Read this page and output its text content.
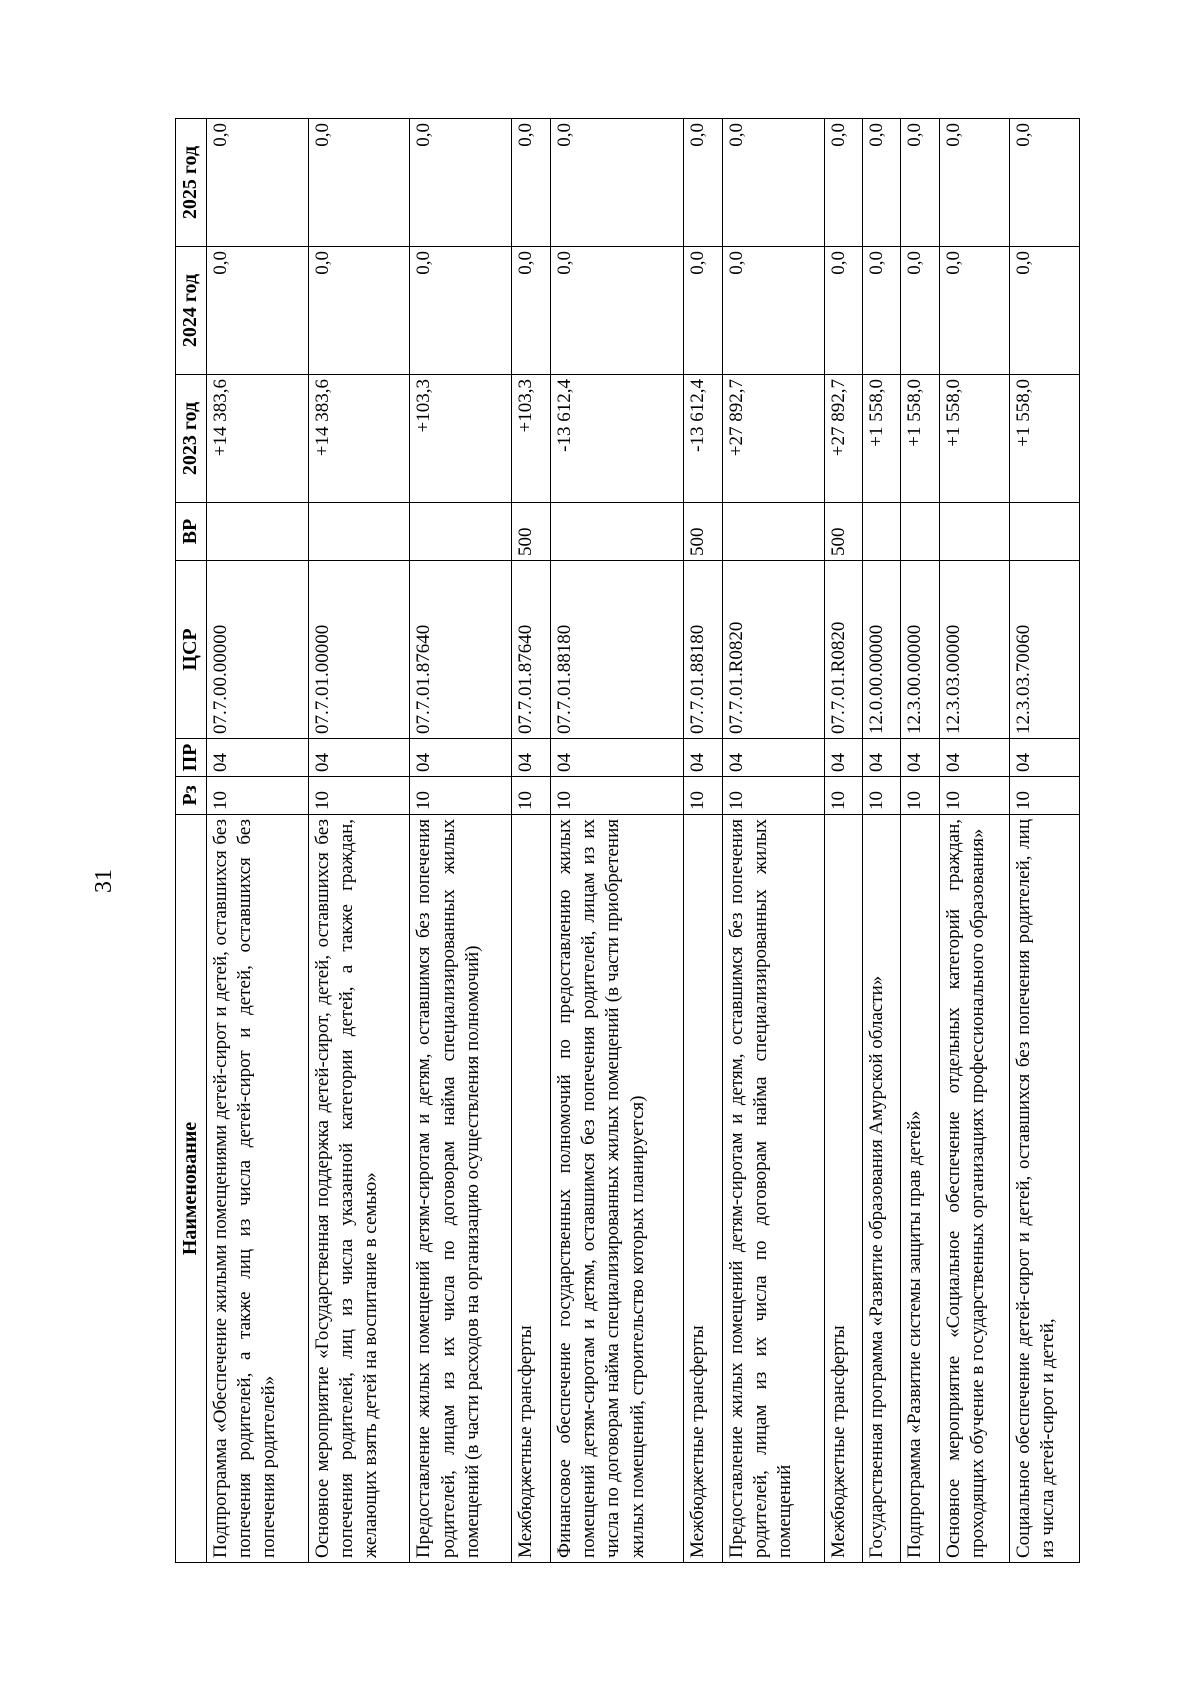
31
Наименование	Рз	ПР	ЦСР	ВР	2023 год	2024 год	2025 год
Подпрограмма «Обеспечение жилыми помещениями детей-сирот и детей, оставшихся без попечения родителей, а также лиц из числа детей-сирот и детей, оставшихся без попечения родителей»	10	04	07.7.00.00000		+14 383,6	0,0	0,0
Основное мероприятие «Государственная поддержка детей-сирот, детей, оставшихся без попечения родителей, лиц из числа указанной категории детей, а также граждан, желающих взять детей на воспитание в семью»	10	04	07.7.01.00000		+14 383,6	0,0	0,0
Предоставление жилых помещений детям-сиротам и детям, оставшимся без попечения родителей, лицам из их числа по договорам найма специализированных жилых помещений (в части расходов на организацию осуществления полномочий)	10	04	07.7.01.87640		+103,3	0,0	0,0
Межбюджетные трансферты	10	04	07.7.01.87640	500	+103,3	0,0	0,0
Финансовое обеспечение государственных полномочий по предоставлению жилых помещений детям-сиротам и детям, оставшимся без попечения родителей, лицам из их числа по договорам найма специализированных жилых помещений (в части приобретения жилых помещений, строительство которых планируется)	10	04	07.7.01.88180		-13 612,4	0,0	0,0
Межбюджетные трансферты	10	04	07.7.01.88180	500	-13 612,4	0,0	0,0
Предоставление жилых помещений детям-сиротам и детям, оставшимся без попечения родителей, лицам из их числа по договорам найма специализированных жилых помещений	10	04	07.7.01.R0820		+27 892,7	0,0	0,0
Межбюджетные трансферты	10	04	07.7.01.R0820	500	+27 892,7	0,0	0,0
Государственная программа «Развитие образования Амурской области»	10	04	12.0.00.00000		+1 558,0	0,0	0,0
Подпрограмма «Развитие системы защиты прав детей»	10	04	12.3.00.00000		+1 558,0	0,0	0,0
Основное мероприятие «Социальное обеспечение отдельных категорий граждан, проходящих обучение в государственных организациях профессионального образования»	10	04	12.3.03.00000		+1 558,0	0,0	0,0
Социальное обеспечение детей-сирот и детей, оставшихся без попечения родителей, лиц из числа детей-сирот и детей,	10	04	12.3.03.70060		+1 558,0	0,0	0,0
